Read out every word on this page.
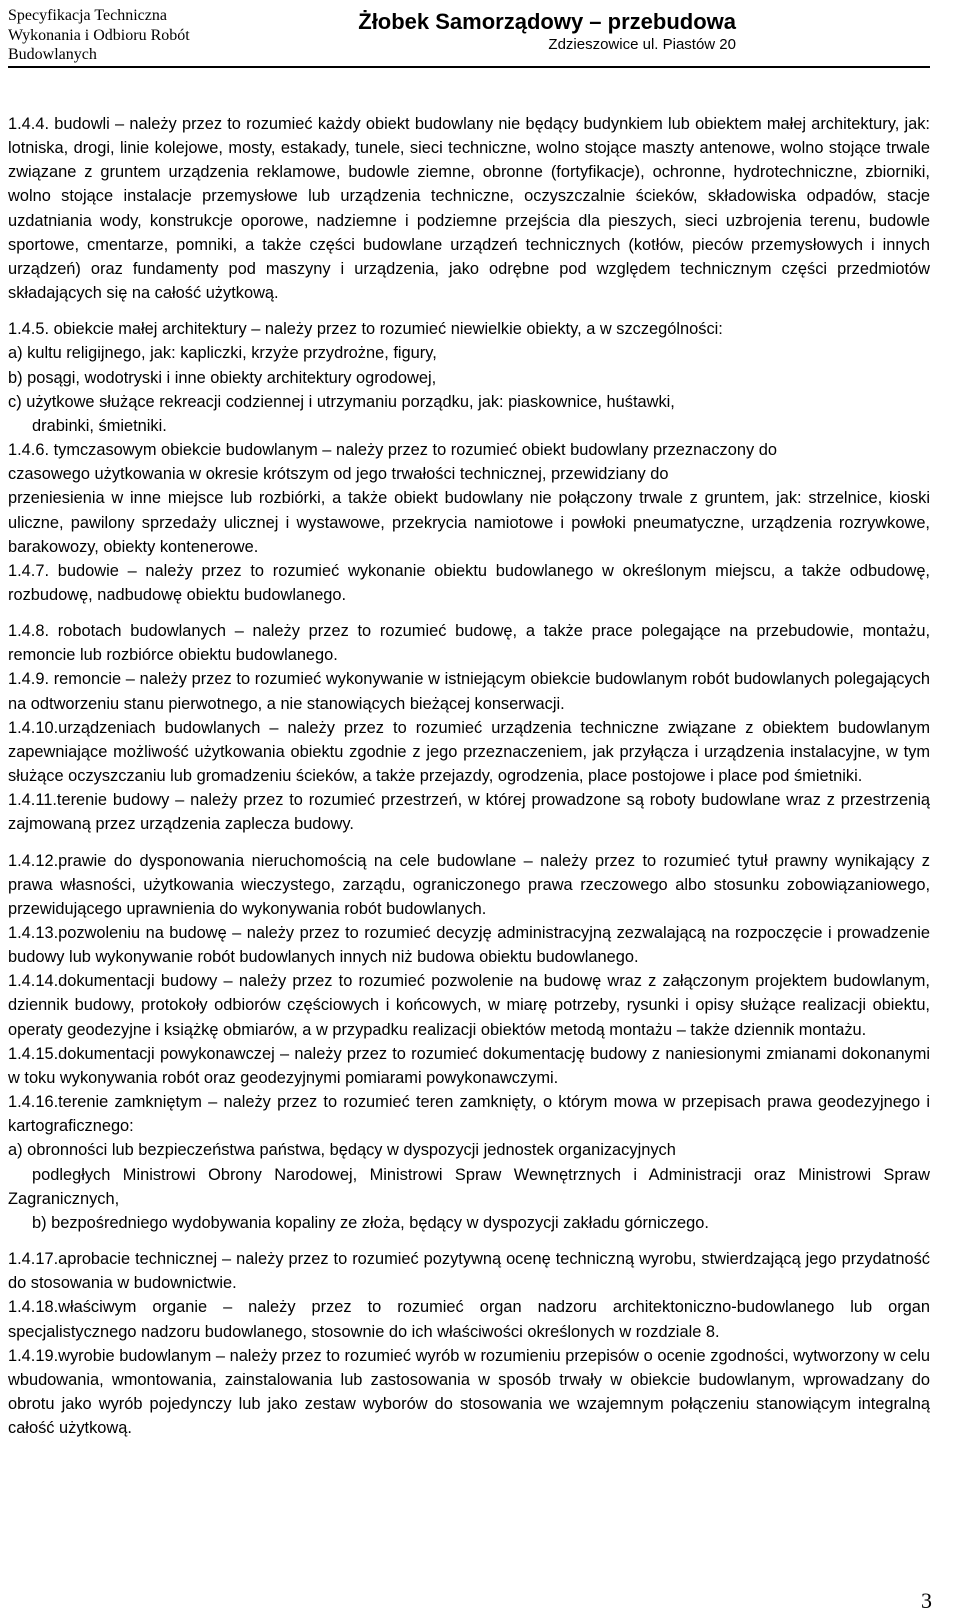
Specyfikacja Techniczna
Wykonania i Odbioru Robót
Budowlanych
Żłobek Samorządowy – przebudowa
Zdzieszowice ul. Piastów 20

1.4.4. budowli – należy przez to rozumieć każdy obiekt budowlany nie będący budynkiem lub obiektem małej architektury, jak: lotniska, drogi, linie kolejowe, mosty, estakady, tunele, sieci techniczne, wolno stojące maszty antenowe, wolno stojące trwale związane z gruntem urządzenia reklamowe, budowle ziemne, obronne (fortyfikacje), ochronne, hydrotechniczne, zbiorniki, wolno stojące instalacje przemysłowe lub urządzenia techniczne, oczyszczalnie ścieków, składowiska odpadów, stacje uzdatniania wody, konstrukcje oporowe, nadziemne i podziemne przejścia dla pieszych, sieci uzbrojenia terenu, budowle sportowe, cmentarze, pomniki, a także części budowlane urządzeń technicznych (kotłów, pieców przemysłowych i innych urządzeń) oraz fundamenty pod maszyny i urządzenia, jako odrębne pod względem technicznym części przedmiotów składających się na całość użytkową.

1.4.5. obiekcie małej architektury – należy przez to rozumieć niewielkie obiekty, a w szczególności:

a) kultu religijnego, jak: kapliczki, krzyże przydrożne, figury,

b) posągi, wodotryski i inne obiekty architektury ogrodowej,

c) użytkowe służące rekreacji codziennej i utrzymaniu porządku, jak: piaskownice, huśtawki,

drabinki, śmietniki.

1.4.6. tymczasowym obiekcie budowlanym – należy przez to rozumieć obiekt budowlany przeznaczony do

czasowego użytkowania w okresie krótszym od jego trwałości technicznej, przewidziany do

przeniesienia w inne miejsce lub rozbiórki, a także obiekt budowlany nie połączony trwale z gruntem, jak: strzelnice, kioski uliczne, pawilony sprzedaży ulicznej i wystawowe, przekrycia namiotowe i powłoki pneumatyczne, urządzenia rozrywkowe, barakowozy, obiekty kontenerowe.

1.4.7. budowie – należy przez to rozumieć wykonanie obiektu budowlanego w określonym miejscu, a także odbudowę, rozbudowę, nadbudowę obiektu budowlanego.

1.4.8. robotach budowlanych – należy przez to rozumieć budowę, a także prace polegające na przebudowie, montażu, remoncie lub rozbiórce obiektu budowlanego.

1.4.9. remoncie – należy przez to rozumieć wykonywanie w istniejącym obiekcie budowlanym robót budowlanych polegających na odtworzeniu stanu pierwotnego, a nie stanowiących bieżącej konserwacji.

1.4.10.urządzeniach budowlanych – należy przez to rozumieć urządzenia techniczne związane z obiektem budowlanym zapewniające możliwość użytkowania obiektu zgodnie z jego przeznaczeniem, jak przyłącza i urządzenia instalacyjne, w tym służące oczyszczaniu lub gromadzeniu ścieków, a także przejazdy, ogrodzenia, place postojowe i place pod śmietniki.

1.4.11.terenie budowy – należy przez to rozumieć przestrzeń, w której prowadzone są roboty budowlane wraz z przestrzenią zajmowaną przez urządzenia zaplecza budowy.

1.4.12.prawie do dysponowania nieruchomością na cele budowlane – należy przez to rozumieć tytuł prawny wynikający z prawa własności, użytkowania wieczystego, zarządu, ograniczonego prawa rzeczowego albo stosunku zobowiązaniowego, przewidującego uprawnienia do wykonywania robót budowlanych.

1.4.13.pozwoleniu na budowę – należy przez to rozumieć decyzję administracyjną zezwalającą na rozpoczęcie i prowadzenie budowy lub wykonywanie robót budowlanych innych niż budowa obiektu budowlanego.

1.4.14.dokumentacji budowy – należy przez to rozumieć pozwolenie na budowę wraz z załączonym projektem budowlanym, dziennik budowy, protokoły odbiorów częściowych i końcowych, w miarę potrzeby, rysunki i opisy służące realizacji obiektu, operaty geodezyjne i książkę obmiarów, a w przypadku realizacji obiektów metodą montażu – także dziennik montażu.

1.4.15.dokumentacji powykonawczej – należy przez to rozumieć dokumentację budowy z naniesionymi zmianami dokonanymi w toku wykonywania robót oraz geodezyjnymi pomiarami powykonawczymi.

1.4.16.terenie zamkniętym – należy przez to rozumieć teren zamknięty, o którym mowa w przepisach prawa geodezyjnego i kartograficznego:

a) obronności lub bezpieczeństwa państwa, będący w dyspozycji jednostek organizacyjnych

podległych Ministrowi Obrony Narodowej, Ministrowi Spraw Wewnętrznych i Administracji oraz Ministrowi Spraw Zagranicznych,

b) bezpośredniego wydobywania kopaliny ze złoża, będący w dyspozycji zakładu górniczego.

1.4.17.aprobacie technicznej – należy przez to rozumieć pozytywną ocenę techniczną wyrobu, stwierdzającą jego przydatność do stosowania w budownictwie.

1.4.18.właściwym organie – należy przez to rozumieć organ nadzoru architektoniczno-budowlanego lub organ specjalistycznego nadzoru budowlanego, stosownie do ich właściwości określonych w rozdziale 8.

1.4.19.wyrobie budowlanym – należy przez to rozumieć wyrób w rozumieniu przepisów o ocenie zgodności, wytworzony w celu wbudowania, wmontowania, zainstalowania lub zastosowania w sposób trwały w obiekcie budowlanym, wprowadzany do obrotu jako wyrób pojedynczy lub jako zestaw wyborów do stosowania we wzajemnym połączeniu stanowiącym integralną całość użytkową.

3
